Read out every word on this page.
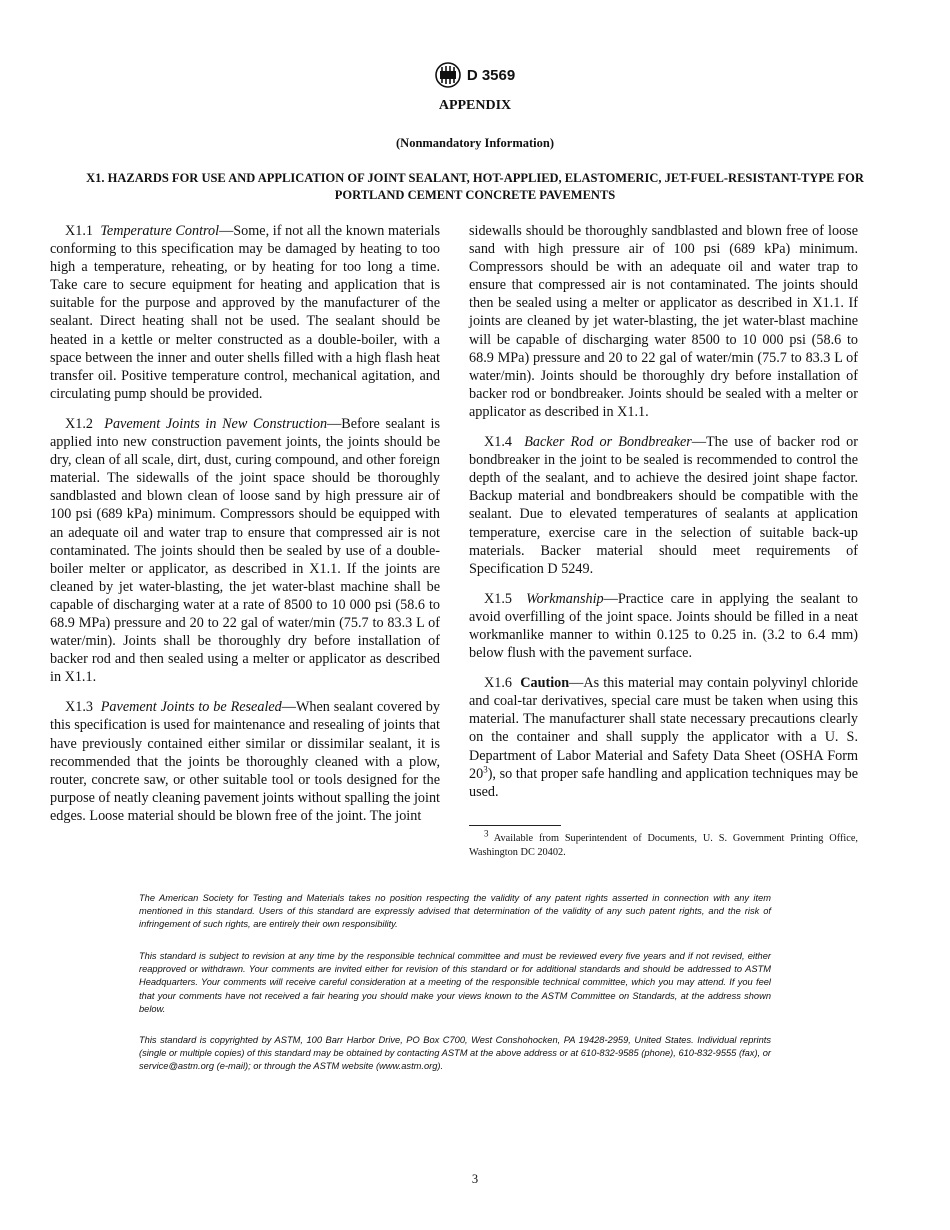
D 3569
APPENDIX
(Nonmandatory Information)
X1. HAZARDS FOR USE AND APPLICATION OF JOINT SEALANT, HOT-APPLIED, ELASTOMERIC, JET-FUEL-RESISTANT-TYPE FOR PORTLAND CEMENT CONCRETE PAVEMENTS

X1.1 Temperature Control—Some, if not all the known materials conforming to this specification may be damaged by heating to too high a temperature, reheating, or by heating for too long a time. Take care to secure equipment for heating and application that is suitable for the purpose and approved by the manufacturer of the sealant. Direct heating shall not be used. The sealant should be heated in a kettle or melter constructed as a double-boiler, with a space between the inner and outer shells filled with a high flash heat transfer oil. Positive temperature control, mechanical agitation, and circulating pump should be provided.

X1.2 Pavement Joints in New Construction—Before sealant is applied into new construction pavement joints, the joints should be dry, clean of all scale, dirt, dust, curing compound, and other foreign material. The sidewalls of the joint space should be thoroughly sandblasted and blown clean of loose sand by high pressure air of 100 psi (689 kPa) minimum. Compressors should be equipped with an adequate oil and water trap to ensure that compressed air is not contaminated. The joints should then be sealed by use of a double-boiler melter or applicator, as described in X1.1. If the joints are cleaned by jet water-blasting, the jet water-blast machine shall be capable of discharging water at a rate of 8500 to 10 000 psi (58.6 to 68.9 MPa) pressure and 20 to 22 gal of water/min (75.7 to 83.3 L of water/min). Joints shall be thoroughly dry before installation of backer rod and then sealed using a melter or applicator as described in X1.1.

X1.3 Pavement Joints to be Resealed—When sealant covered by this specification is used for maintenance and resealing of joints that have previously contained either similar or dissimilar sealant, it is recommended that the joints be thoroughly cleaned with a plow, router, concrete saw, or other suitable tool or tools designed for the purpose of neatly cleaning pavement joints without spalling the joint edges. Loose material should be blown free of the joint. The joint

sidewalls should be thoroughly sandblasted and blown free of loose sand with high pressure air of 100 psi (689 kPa) minimum. Compressors should be with an adequate oil and water trap to ensure that compressed air is not contaminated. The joints should then be sealed using a melter or applicator as described in X1.1. If joints are cleaned by jet water-blasting, the jet water-blast machine will be capable of discharging water 8500 to 10 000 psi (58.6 to 68.9 MPa) pressure and 20 to 22 gal of water/min (75.7 to 83.3 L of water/min). Joints should be thoroughly dry before installation of backer rod or bondbreaker. Joints should be sealed with a melter or applicator as described in X1.1.

X1.4 Backer Rod or Bondbreaker—The use of backer rod or bondbreaker in the joint to be sealed is recommended to control the depth of the sealant, and to achieve the desired joint shape factor. Backup material and bondbreakers should be compatible with the sealant. Due to elevated temperatures of sealants at application temperature, exercise care in the selection of suitable back-up materials. Backer material should meet requirements of Specification D 5249.

X1.5 Workmanship—Practice care in applying the sealant to avoid overfilling of the joint space. Joints should be filled in a neat workmanlike manner to within 0.125 to 0.25 in. (3.2 to 6.4 mm) below flush with the pavement surface.

X1.6 Caution—As this material may contain polyvinyl chloride and coal-tar derivatives, special care must be taken when using this material. The manufacturer shall state necessary precautions clearly on the container and shall supply the applicator with a U. S. Department of Labor Material and Safety Data Sheet (OSHA Form $20^3$), so that proper safe handling and application techniques may be used.

$^3$ Available from Superintendent of Documents, U. S. Government Printing Office, Washington DC 20402.
The American Society for Testing and Materials takes no position respecting the validity of any patent rights asserted in connection with any item mentioned in this standard. Users of this standard are expressly advised that determination of the validity of any such patent rights, and the risk of infringement of such rights, are entirely their own responsibility.
This standard is subject to revision at any time by the responsible technical committee and must be reviewed every five years and if not revised, either reapproved or withdrawn. Your comments are invited either for revision of this standard or for additional standards and should be addressed to ASTM Headquarters. Your comments will receive careful consideration at a meeting of the responsible technical committee, which you may attend. If you feel that your comments have not received a fair hearing you should make your views known to the ASTM Committee on Standards, at the address shown below.
This standard is copyrighted by ASTM, 100 Barr Harbor Drive, PO Box C700, West Conshohocken, PA 19428-2959, United States. Individual reprints (single or multiple copies) of this standard may be obtained by contacting ASTM at the above address or at 610-832-9585 (phone), 610-832-9555 (fax), or service@astm.org (e-mail); or through the ASTM website (www.astm.org).
3
